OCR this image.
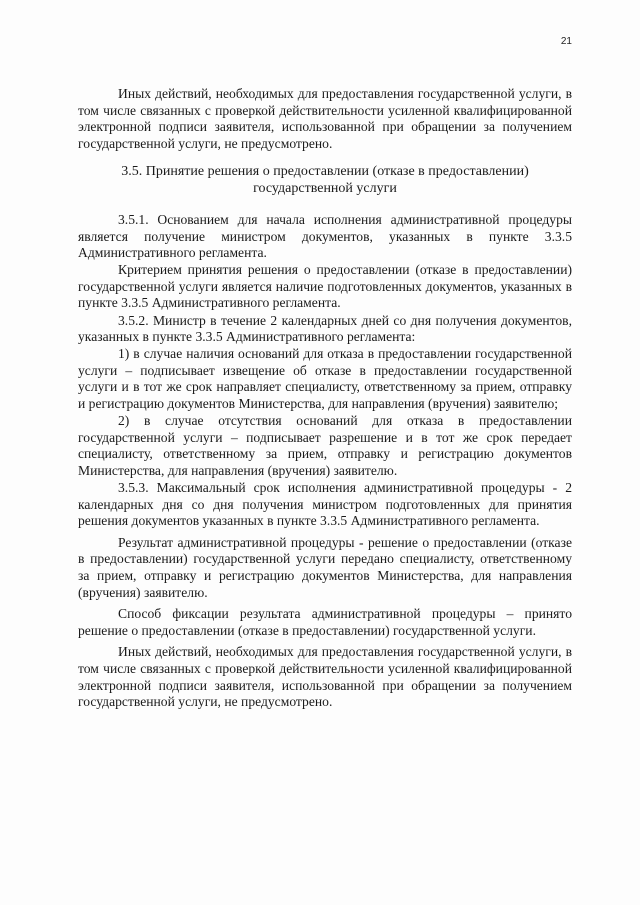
21

Иных действий, необходимых для предоставления государственной услуги, в том числе связанных с проверкой действительности усиленной квалифицированной электронной подписи заявителя, использованной при обращении за получением государственной услуги, не предусмотрено.

3.5. Принятие решения о предоставлении (отказе в предоставлении)
государственной услуги

3.5.1. Основанием для начала исполнения административной процедуры является получение министром документов, указанных в пункте 3.3.5 Административного регламента.

Критерием принятия решения о предоставлении (отказе в предоставлении) государственной услуги является наличие подготовленных документов, указанных в пункте 3.3.5 Административного регламента.

3.5.2. Министр в течение 2 календарных дней со дня получения документов, указанных в пункте 3.3.5 Административного регламента:

1) в случае наличия оснований для отказа в предоставлении государственной услуги – подписывает извещение об отказе в предоставлении государственной услуги и в тот же срок направляет специалисту, ответственному за прием, отправку и регистрацию документов Министерства, для направления (вручения) заявителю;

2) в случае отсутствия оснований для отказа в предоставлении государственной услуги – подписывает разрешение и в тот же срок передает специалисту, ответственному за прием, отправку и регистрацию документов Министерства, для направления (вручения) заявителю.

3.5.3. Максимальный срок исполнения административной процедуры - 2 календарных дня со дня получения министром подготовленных для принятия решения документов указанных в пункте 3.3.5 Административного регламента.

Результат административной процедуры - решение о предоставлении (отказе в предоставлении) государственной услуги передано специалисту, ответственному за прием, отправку и регистрацию документов Министерства, для направления (вручения) заявителю.

Способ фиксации результата административной процедуры – принято решение о предоставлении (отказе в предоставлении) государственной услуги.

Иных действий, необходимых для предоставления государственной услуги, в том числе связанных с проверкой действительности усиленной квалифицированной электронной подписи заявителя, использованной при обращении за получением государственной услуги, не предусмотрено.
